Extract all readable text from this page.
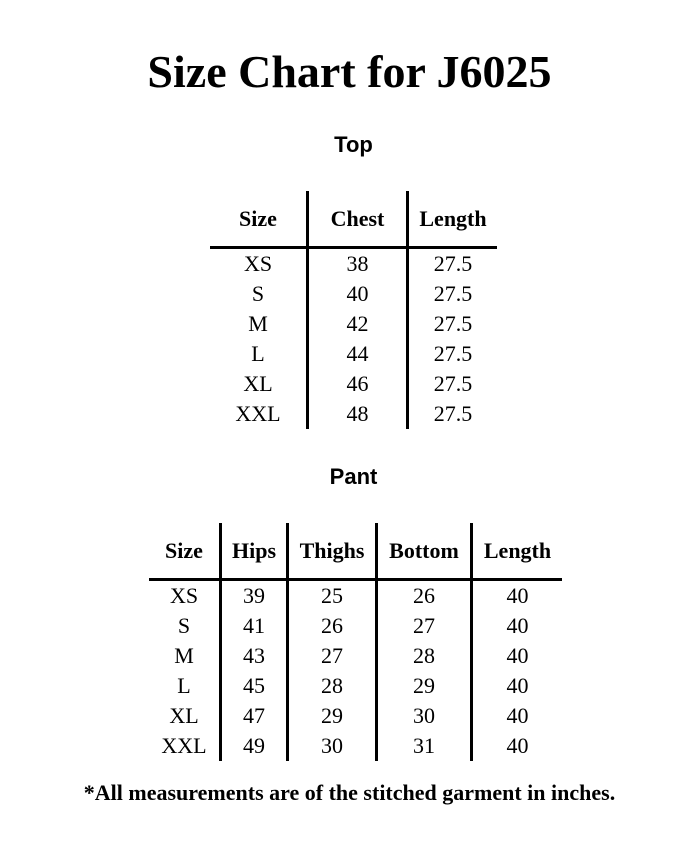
Size Chart for J6025
Top
Size	Chest	Length
XS	38	27.5
S	40	27.5
M	42	27.5
L	44	27.5
XL	46	27.5
XXL	48	27.5
Pant
Size	Hips	Thighs	Bottom	Length
XS	39	25	26	40
S	41	26	27	40
M	43	27	28	40
L	45	28	29	40
XL	47	29	30	40
XXL	49	30	31	40

*All measurements are of the stitched garment in inches.
